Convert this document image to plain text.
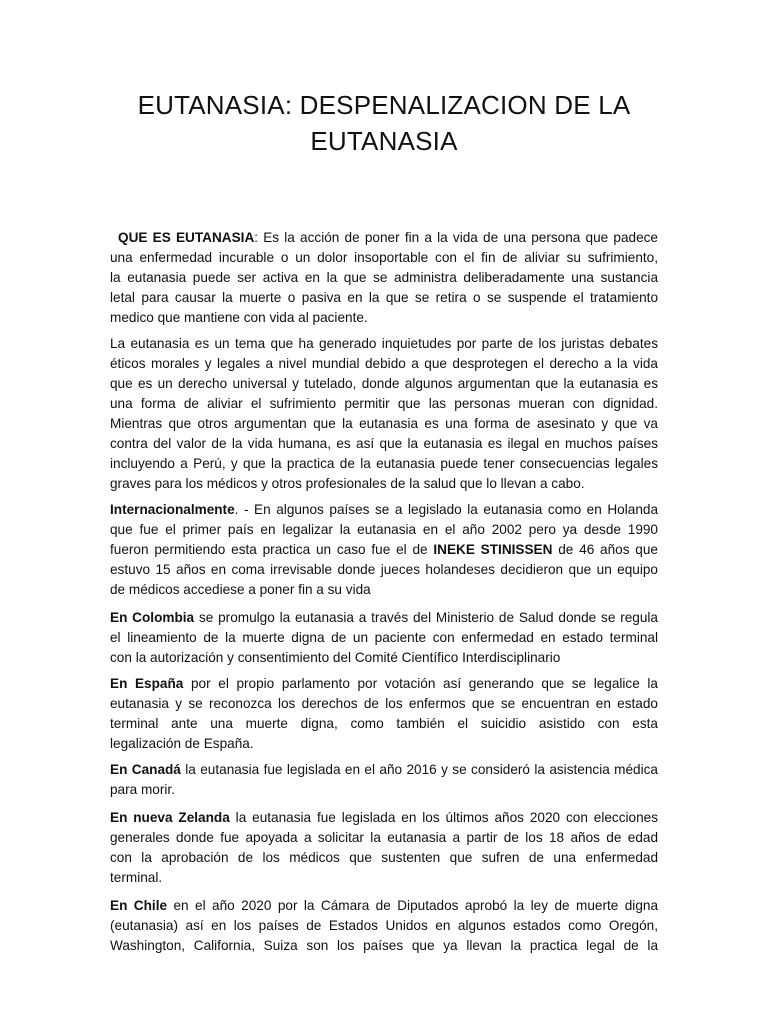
EUTANASIA: DESPENALIZACION DE LA
EUTANASIA
QUE ES EUTANASIA: Es la acción de poner fin a la vida de una persona que padece
una enfermedad incurable o un dolor insoportable con el fin de aliviar su sufrimiento,
la eutanasia puede ser activa en la que se administra deliberadamente una sustancia
letal para causar la muerte o pasiva en la que se retira o se suspende el tratamiento
medico que mantiene con vida al paciente.
La eutanasia es un tema que ha generado inquietudes por parte de los juristas debates
éticos morales y legales a nivel mundial debido a que desprotegen el derecho a la vida
que es un derecho universal y tutelado, donde algunos argumentan que la eutanasia es
una forma de aliviar el sufrimiento permitir que las personas mueran con dignidad.
Mientras que otros argumentan que la eutanasia es una forma de asesinato y que va
contra del valor de la vida humana, es así que la eutanasia es ilegal en muchos países
incluyendo a Perú, y que la practica de la eutanasia puede tener consecuencias legales
graves para los médicos y otros profesionales de la salud que lo llevan a cabo.
Internacionalmente. - En algunos países se a legislado la eutanasia como en Holanda
que fue el primer país en legalizar la eutanasia en el año 2002 pero ya desde 1990
fueron permitiendo esta practica un caso fue el de INEKE STINISSEN de 46 años que
estuvo 15 años en coma irrevisable donde jueces holandeses decidieron que un equipo
de médicos accediese a poner fin a su vida
En Colombia se promulgo la eutanasia a través del Ministerio de Salud donde se regula
el lineamiento de la muerte digna de un paciente con enfermedad en estado terminal
con la autorización y consentimiento del Comité Científico Interdisciplinario
En España por el propio parlamento por votación así generando que se legalice la
eutanasia y se reconozca los derechos de los enfermos que se encuentran en estado
terminal ante una muerte digna, como también el suicidio asistido con esta
legalización de España.
En Canadá la eutanasia fue legislada en el año 2016 y se consideró la asistencia médica
para morir.
En nueva Zelanda la eutanasia fue legislada en los últimos años 2020 con elecciones
generales donde fue apoyada a solicitar la eutanasia a partir de los 18 años de edad
con la aprobación de los médicos que sustenten que sufren de una enfermedad
terminal.
En Chile en el año 2020 por la Cámara de Diputados aprobó la ley de muerte digna
(eutanasia) así en los países de Estados Unidos en algunos estados como Oregón,
Washington, California, Suiza son los países que ya llevan la practica legal de la
